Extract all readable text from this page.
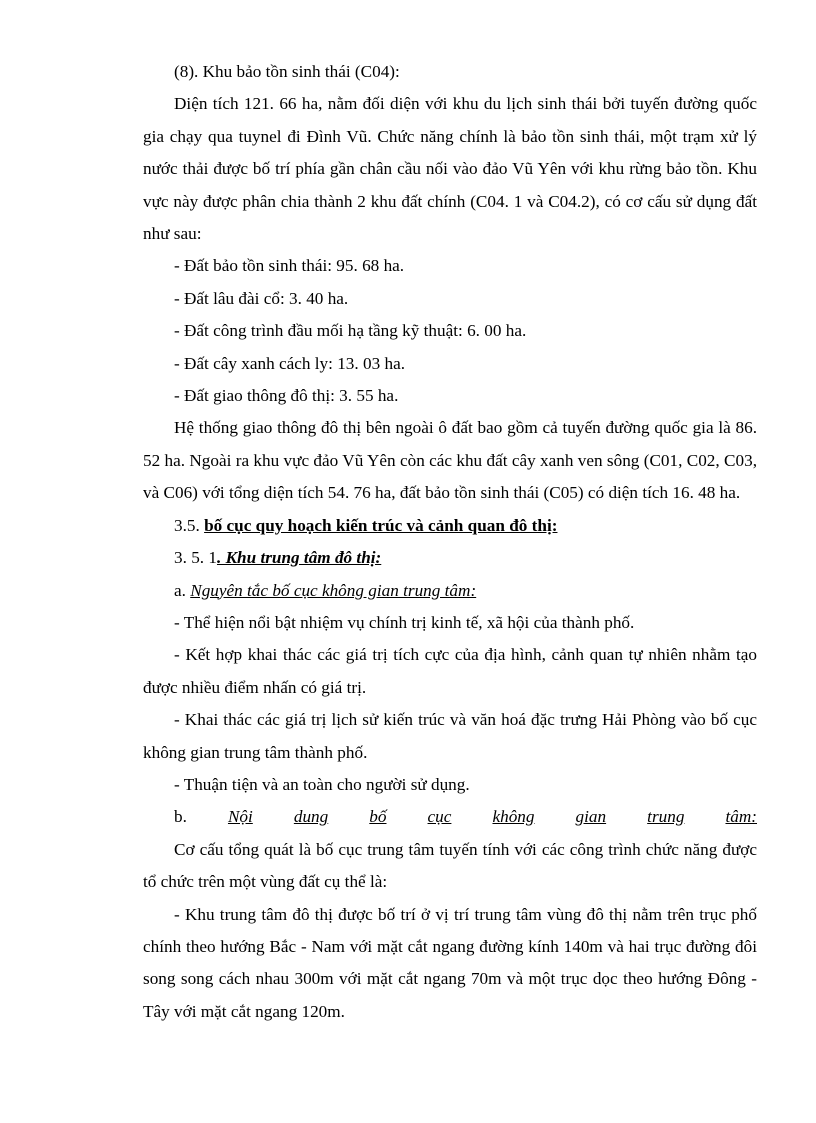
(8). Khu bảo tồn sinh thái (C04):

Diện tích 121. 66 ha, nằm đối diện với khu du lịch sinh thái bởi tuyến đường quốc gia chạy qua tuynel đi Đình Vũ. Chức năng chính là bảo tồn sinh thái, một trạm xử lý nước thải được bố trí phía gần chân cầu nối vào đảo Vũ Yên với khu rừng bảo tồn. Khu vực này được phân chia thành 2 khu đất chính (C04. 1 và C04.2), có cơ cấu sử dụng đất như sau:

- Đất bảo tồn sinh thái: 95. 68 ha.

- Đất lâu đài cổ: 3. 40 ha.

- Đất công trình đầu mối hạ tầng kỹ thuật: 6. 00 ha.

- Đất cây xanh cách ly: 13. 03 ha.

- Đất giao thông đô thị: 3. 55 ha.

Hệ thống giao thông đô thị bên ngoài ô đất bao gồm cả tuyến đường quốc gia là 86. 52 ha. Ngoài ra khu vực đảo Vũ Yên còn các khu đất cây xanh ven sông (C01, C02, C03, và C06) với tổng diện tích 54. 76 ha, đất bảo tồn sinh thái (C05) có diện tích 16. 48 ha.

3.5. bố cục quy hoạch kiến trúc và cảnh quan đô thị:

3. 5. 1. Khu trung tâm đô thị:

a. Nguyên tắc bố cục không gian trung tâm:

- Thể hiện nổi bật nhiệm vụ chính trị kinh tế, xã hội của thành phố.

- Kết hợp khai thác các giá trị tích cực của địa hình, cảnh quan tự nhiên nhằm tạo được nhiều điểm nhấn có giá trị.

- Khai thác các giá trị lịch sử kiến trúc và văn hoá đặc trưng Hải Phòng vào bố cục không gian trung tâm thành phố.

- Thuận tiện và an toàn cho người sử dụng.

b. Nội dung bố cục không gian trung tâm:

Cơ cấu tổng quát là bố cục trung tâm tuyến tính với các công trình chức năng được tổ chức trên một vùng đất cụ thể là:

- Khu trung tâm đô thị được bố trí ở vị trí trung tâm vùng đô thị nằm trên trục phố chính theo hướng Bắc - Nam với mặt cắt ngang đường kính 140m và hai trục đường đôi song song cách nhau 300m với mặt cắt ngang 70m và một trục dọc theo hướng Đông - Tây với mặt cắt ngang 120m.
